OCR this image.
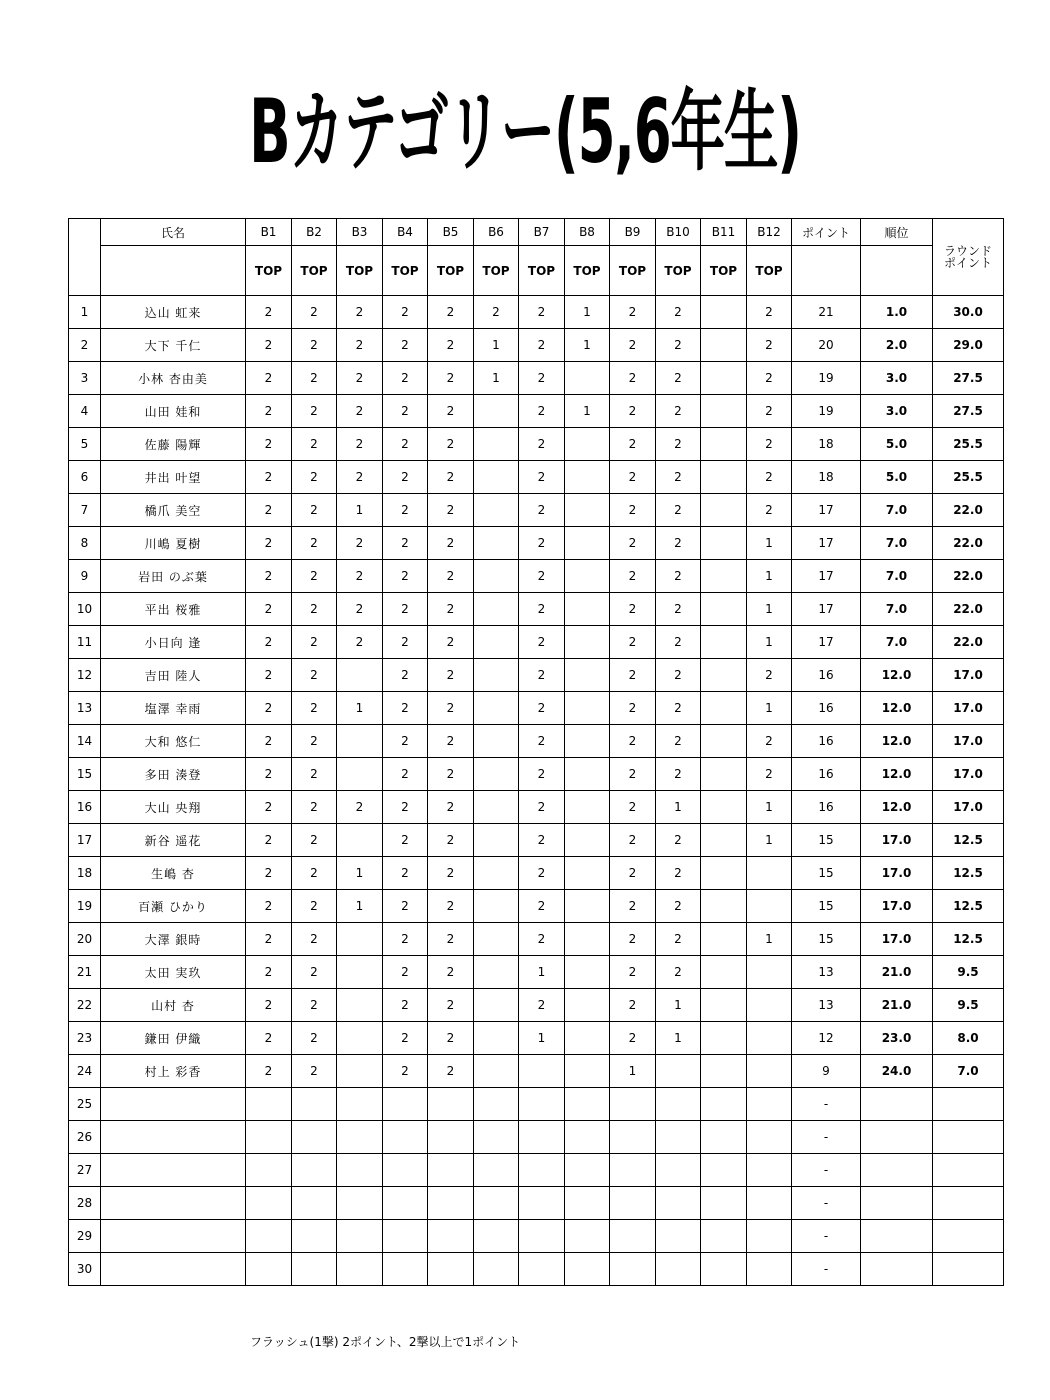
Bカテゴリー(5,6年生)
	氏名	B1	B2	B3	B4	B5	B6	B7	B8	B9	B10	B11	B12	ポイント	順位	ラウンド
ポイント

		TOP	TOP	TOP	TOP	TOP	TOP	TOP	TOP	TOP	TOP	TOP	TOP			
1	込山 虹来	2	2	2	2	2	2	2	1	2	2		2	21	1.0	30.0
2	大下 千仁	2	2	2	2	2	1	2	1	2	2		2	20	2.0	29.0
3	小林 杏由美	2	2	2	2	2	1	2		2	2		2	19	3.0	27.5
4	山田 娃和	2	2	2	2	2		2	1	2	2		2	19	3.0	27.5
5	佐藤 陽輝	2	2	2	2	2		2		2	2		2	18	5.0	25.5
6	井出 叶望	2	2	2	2	2		2		2	2		2	18	5.0	25.5
7	橋爪 美空	2	2	1	2	2		2		2	2		2	17	7.0	22.0
8	川嶋 夏樹	2	2	2	2	2		2		2	2		1	17	7.0	22.0
9	岩田 のぶ葉	2	2	2	2	2		2		2	2		1	17	7.0	22.0
10	平出 桜雅	2	2	2	2	2		2		2	2		1	17	7.0	22.0
11	小日向 逢	2	2	2	2	2		2		2	2		1	17	7.0	22.0
12	吉田 陸人	2	2		2	2		2		2	2		2	16	12.0	17.0
13	塩澤 幸雨	2	2	1	2	2		2		2	2		1	16	12.0	17.0
14	大和 悠仁	2	2		2	2		2		2	2		2	16	12.0	17.0
15	多田 湊登	2	2		2	2		2		2	2		2	16	12.0	17.0
16	大山 央翔	2	2	2	2	2		2		2	1		1	16	12.0	17.0
17	新谷 遥花	2	2		2	2		2		2	2		1	15	17.0	12.5
18	生嶋 杏	2	2	1	2	2		2		2	2			15	17.0	12.5
19	百瀬 ひかり	2	2	1	2	2		2		2	2			15	17.0	12.5
20	大澤 銀時	2	2		2	2		2		2	2		1	15	17.0	12.5
21	太田 実玖	2	2		2	2		1		2	2			13	21.0	9.5
22	山村 杏	2	2		2	2		2		2	1			13	21.0	9.5
23	鎌田 伊織	2	2		2	2		1		2	1			12	23.0	8.0
24	村上 彩香	2	2		2	2				1				9	24.0	7.0
25														-		
26														-		
27														-		
28														-		
29														-		
30														-		
フラッシュ(1撃) 2ポイント、2撃以上で1ポイント
